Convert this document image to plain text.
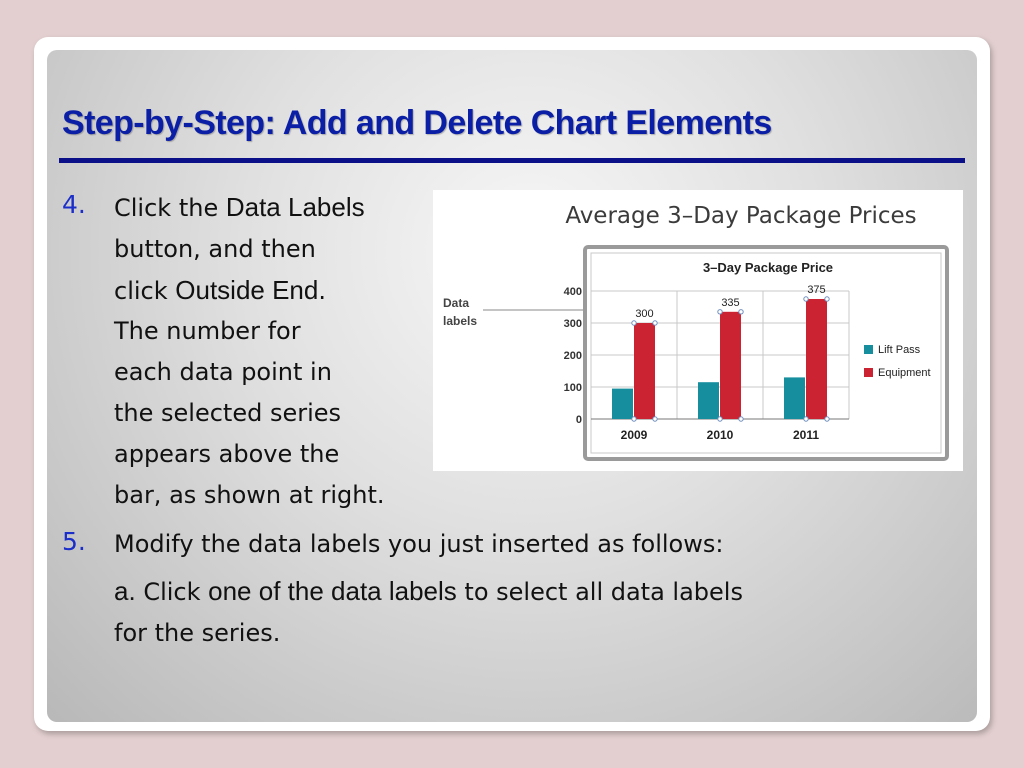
Step-by-Step: Add and Delete Chart Elements
4. Click the Data Labels
button, and then
click Outside End.
The number for
each data point in
the selected series
appears above the
bar, as shown at right.
5. Modify the data labels you just inserted as follows:
a. Click one of the data labels to select all data labels
for the series.
Average 3–Day Package Prices
Data
labels
3–Day Package Price
0
100
200
300
400
300
2009
335
2010
375
2011
Lift Pass
Equipment
